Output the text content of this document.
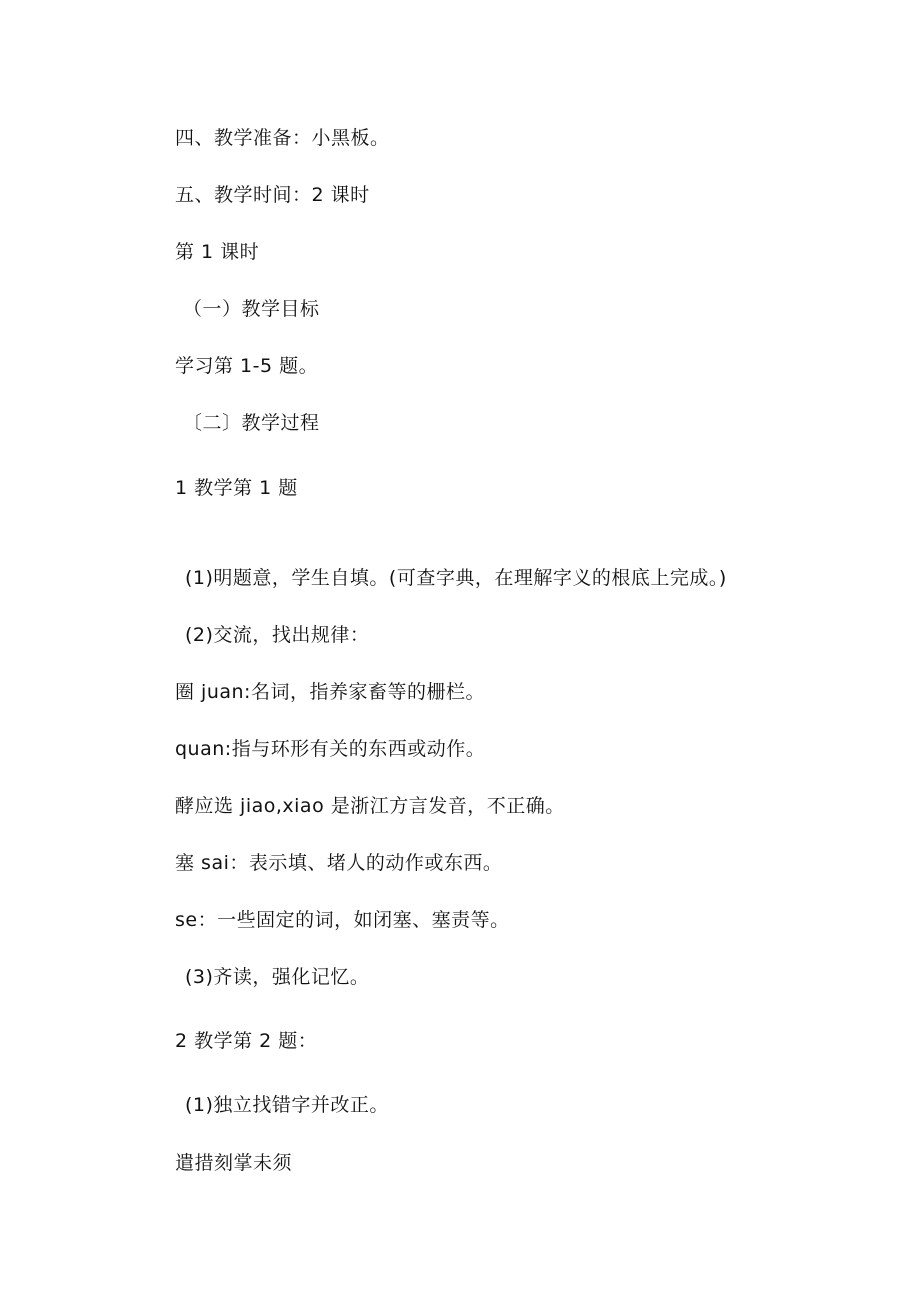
四、教学准备：小黑板。
五、教学时间：2 课时
第 1 课时
（一）教学目标
学习第 1-5 题。
〔二〕教学过程
1 教学第 1 题
(1)明题意，学生自填。(可查字典，在理解字义的根底上完成。)
(2)交流，找出规律：
圈 juan:名词，指养家畜等的栅栏。
quan:指与环形有关的东西或动作。
酵应选 jiao,xiao 是浙江方言发音，不正确。
塞 sai：表示填、堵人的动作或东西。
se：一些固定的词，如闭塞、塞责等。
(3)齐读，强化记忆。
2 教学第 2 题：
(1)独立找错字并改正。
遣措刻掌未须
